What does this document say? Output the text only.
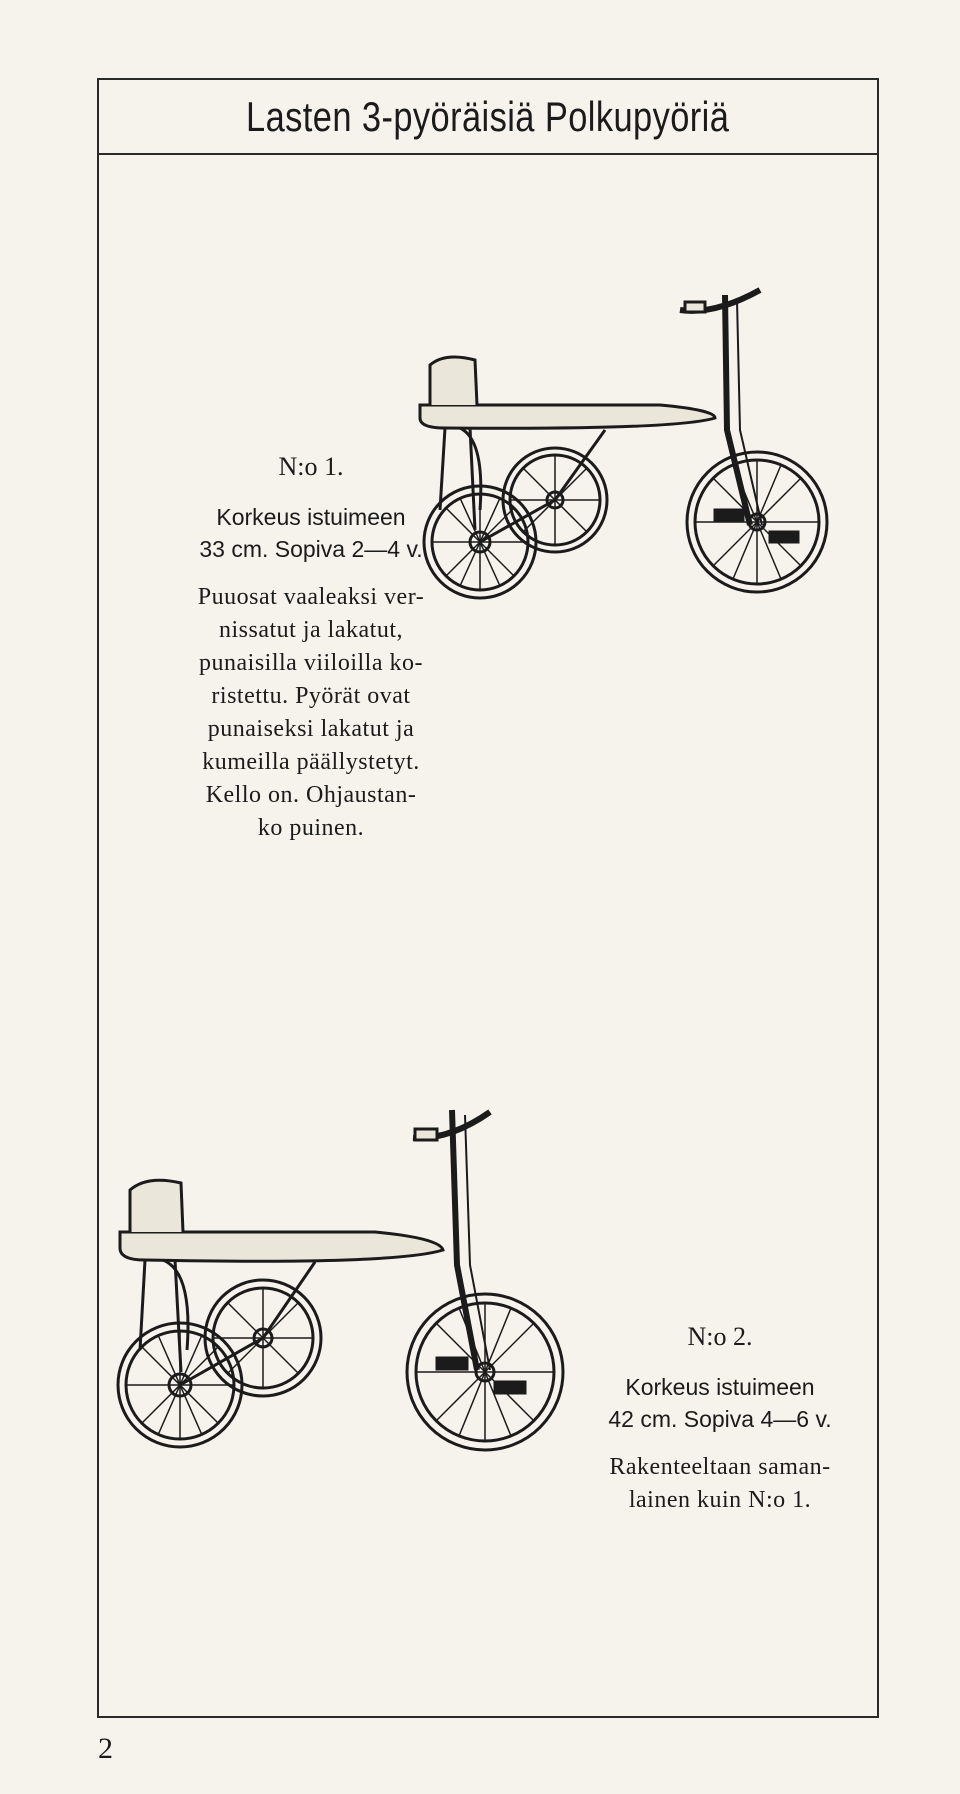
Lasten 3-pyöräisiä Polkupyöriä
N:o 1.
Korkeus istuimeen
33 cm. Sopiva 2—4 v.
Puuosat vaaleaksi ver-
nissatut ja lakatut,
punaisilla viiloilla ko-
ristettu. Pyörät ovat
punaiseksi lakatut ja
kumeilla päällystetyt.
Kello on. Ohjaustan-
ko puinen.
N:o 2.
Korkeus istuimeen
42 cm. Sopiva 4—6 v.
Rakenteeltaan saman-
lainen kuin N:o 1.
2
